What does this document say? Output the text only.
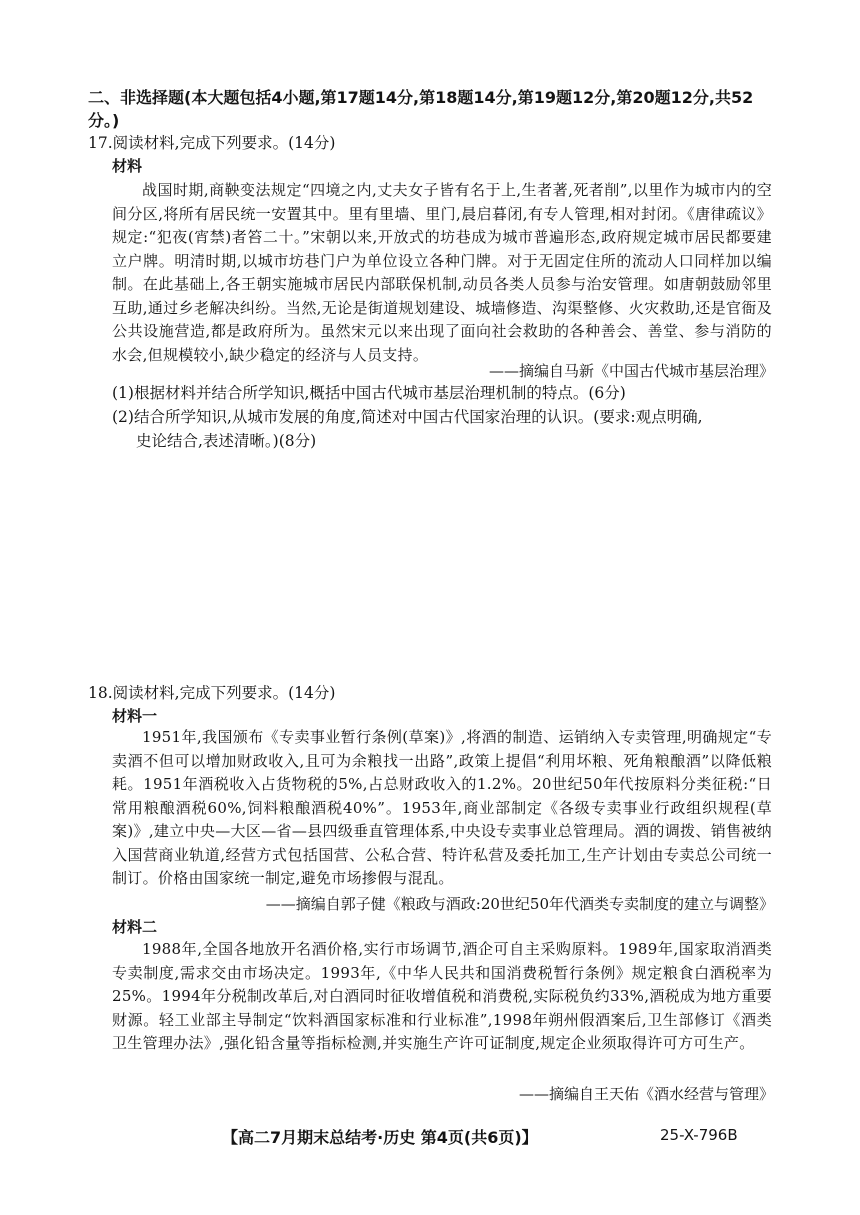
二、非选择题(本大题包括4小题,第17题14分,第18题14分,第19题12分,第20题12分,共52分。)
17.阅读材料,完成下列要求。(14分)
材料
战国时期,商鞅变法规定“四境之内,丈夫女子皆有名于上,生者著,死者削”,以里作为城市内的空间分区,将所有居民统一安置其中。里有里墙、里门,晨启暮闭,有专人管理,相对封闭。《唐律疏议》规定:“犯夜(宵禁)者笞二十。”宋朝以来,开放式的坊巷成为城市普遍形态,政府规定城市居民都要建立户牌。明清时期,以城市坊巷门户为单位设立各种门牌。对于无固定住所的流动人口同样加以编制。在此基础上,各王朝实施城市居民内部联保机制,动员各类人员参与治安管理。如唐朝鼓励邻里互助,通过乡老解决纠纷。当然,无论是街道规划建设、城墙修造、沟渠整修、火灾救助,还是官衙及公共设施营造,都是政府所为。虽然宋元以来出现了面向社会救助的各种善会、善堂、参与消防的水会,但规模较小,缺少稳定的经济与人员支持。
——摘编自马新《中国古代城市基层治理》
(1)根据材料并结合所学知识,概括中国古代城市基层治理机制的特点。(6分)
(2)结合所学知识,从城市发展的角度,简述对中国古代国家治理的认识。(要求:观点明确,
史论结合,表述清晰。)(8分)
18.阅读材料,完成下列要求。(14分)
材料一
1951年,我国颁布《专卖事业暂行条例(草案)》,将酒的制造、运销纳入专卖管理,明确规定“专卖酒不但可以增加财政收入,且可为余粮找一出路”,政策上提倡“利用坏粮、死角粮酿酒”以降低粮耗。1951年酒税收入占货物税的5%,占总财政收入的1.2%。20世纪50年代按原料分类征税:“日常用粮酿酒税60%,饲料粮酿酒税40%”。1953年,商业部制定《各级专卖事业行政组织规程(草案)》,建立中央—大区—省—县四级垂直管理体系,中央设专卖事业总管理局。酒的调拨、销售被纳入国营商业轨道,经营方式包括国营、公私合营、特许私营及委托加工,生产计划由专卖总公司统一制订。价格由国家统一制定,避免市场掺假与混乱。
——摘编自郭子健《粮政与酒政:20世纪50年代酒类专卖制度的建立与调整》
材料二
1988年,全国各地放开名酒价格,实行市场调节,酒企可自主采购原料。1989年,国家取消酒类专卖制度,需求交由市场决定。1993年,《中华人民共和国消费税暂行条例》规定粮食白酒税率为25%。1994年分税制改革后,对白酒同时征收增值税和消费税,实际税负约33%,酒税成为地方重要财源。轻工业部主导制定“饮料酒国家标准和行业标准”,1998年朔州假酒案后,卫生部修订《酒类卫生管理办法》,强化铅含量等指标检测,并实施生产许可证制度,规定企业须取得许可方可生产。
——摘编自王天佑《酒水经营与管理》
【高二7月期末总结考·历史 第4页(共6页)】	25-X-796B
